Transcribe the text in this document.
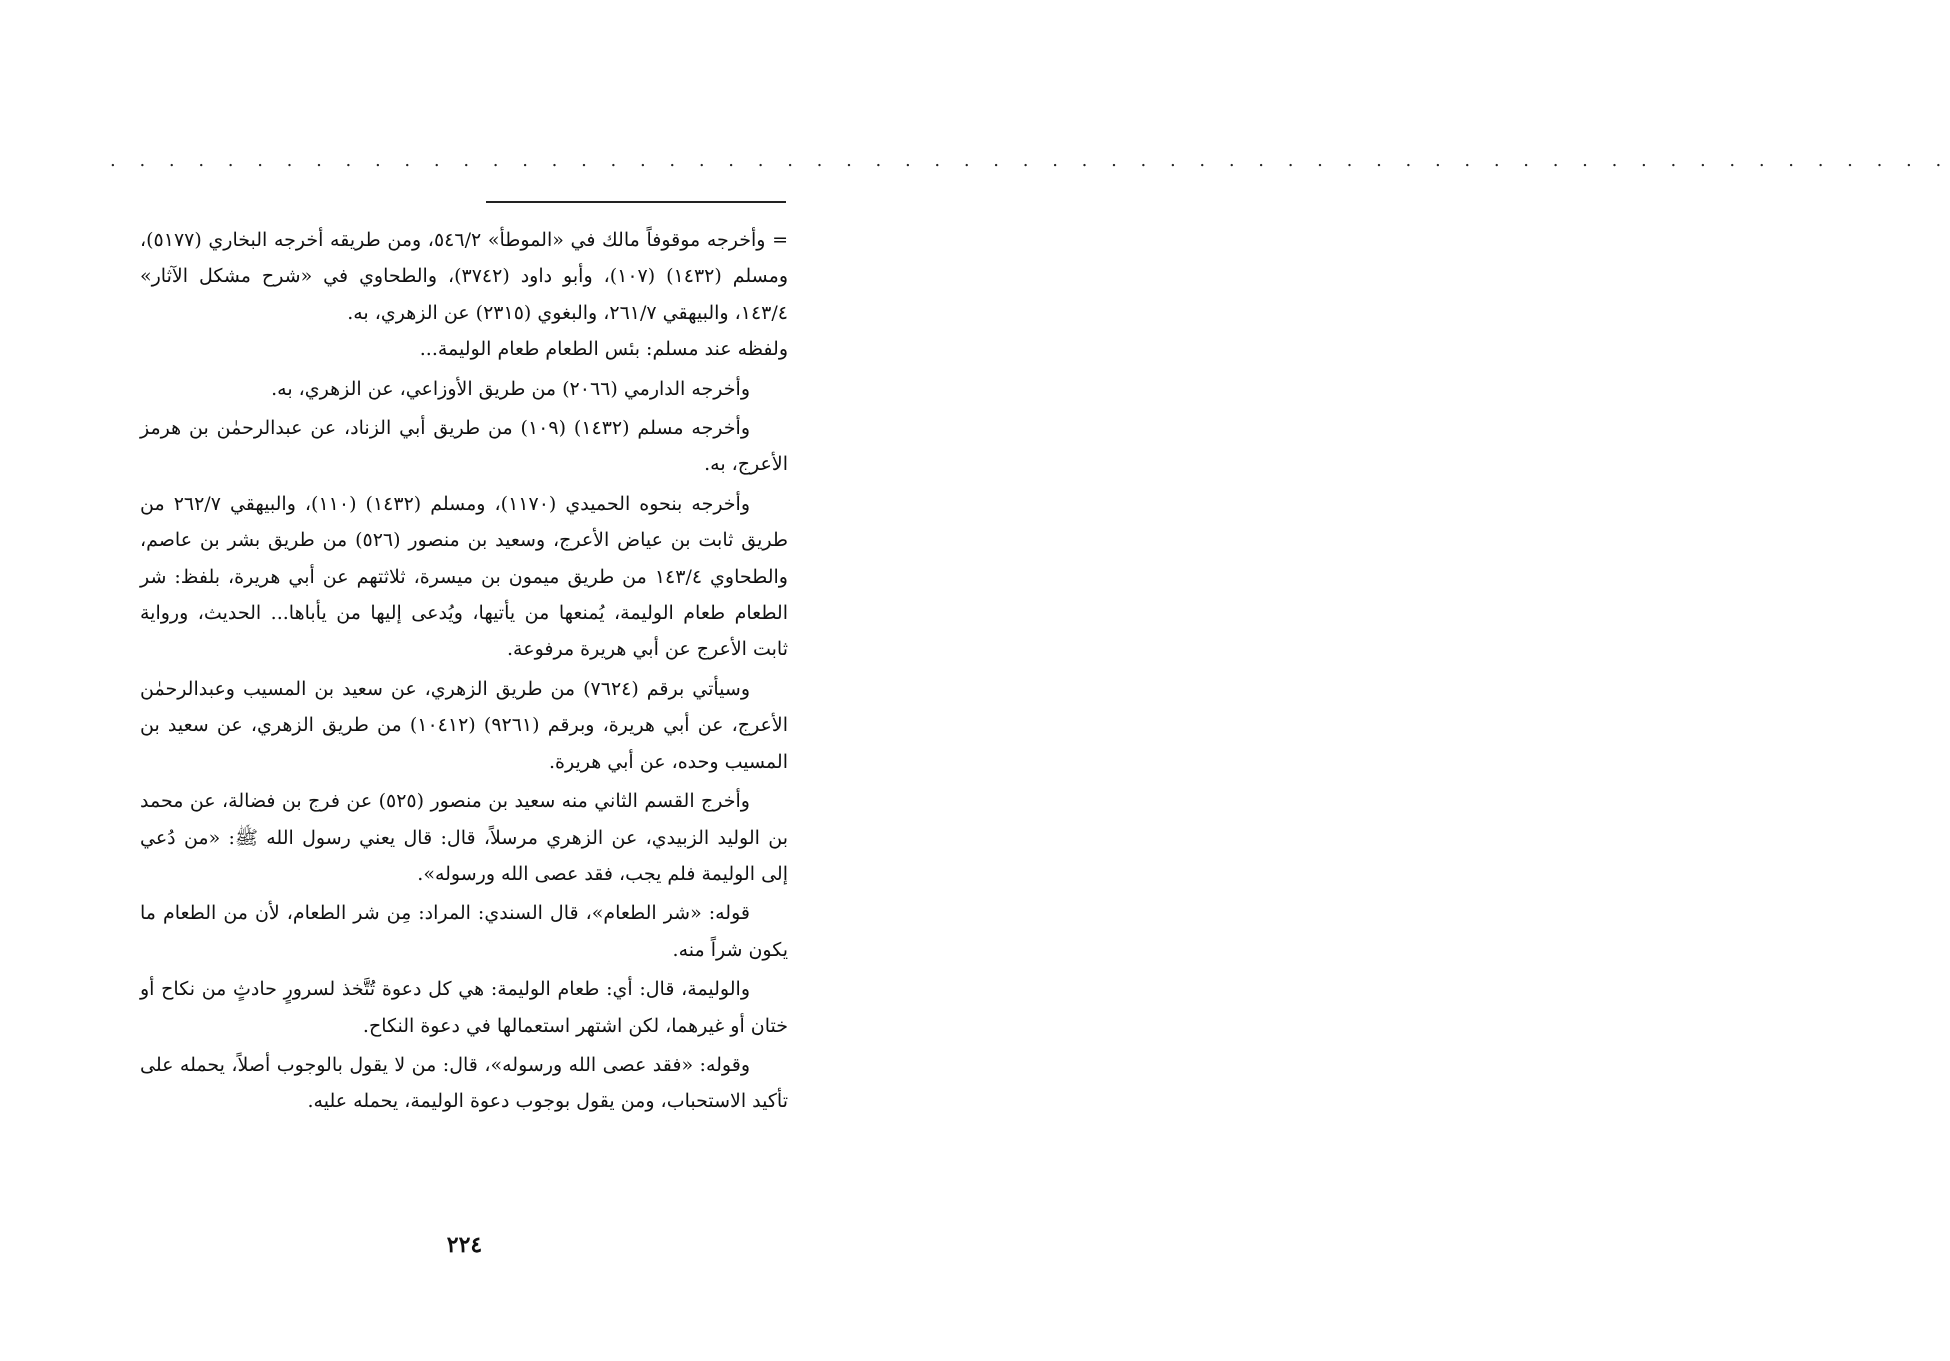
. . . . . . . . . . . . . . . . . . . . . . . . . . . . . . . . . . . . . . . . . . . . . . . . . . . . . . . . . . . . . . .

= وأخرجه موقوفاً مالك في «الموطأ» ٥٤٦/٢، ومن طريقه أخرجه البخاري (٥١٧٧)، ومسلم (١٤٣٢) (١٠٧)، وأبو داود (٣٧٤٢)، والطحاوي في «شرح مشكل الآثار» ١٤٣/٤، والبيهقي ٢٦١/٧، والبغوي (٢٣١٥) عن الزهري، به.

ولفظه عند مسلم: بئس الطعام طعام الوليمة...

وأخرجه الدارمي (٢٠٦٦) من طريق الأوزاعي، عن الزهري، به.

وأخرجه مسلم (١٤٣٢) (١٠٩) من طريق أبي الزناد، عن عبدالرحمٰن بن هرمز الأعرج، به.

وأخرجه بنحوه الحميدي (١١٧٠)، ومسلم (١٤٣٢) (١١٠)، والبيهقي ٢٦٢/٧ من طريق ثابت بن عياض الأعرج، وسعيد بن منصور (٥٢٦) من طريق بشر بن عاصم، والطحاوي ١٤٣/٤ من طريق ميمون بن ميسرة، ثلاثتهم عن أبي هريرة، بلفظ: شر الطعام طعام الوليمة، يُمنعها من يأتيها، ويُدعى إليها من يأباها... الحديث، ورواية ثابت الأعرج عن أبي هريرة مرفوعة.

وسيأتي برقم (٧٦٢٤) من طريق الزهري، عن سعيد بن المسيب وعبدالرحمٰن الأعرج، عن أبي هريرة، وبرقم (٩٢٦١) (١٠٤١٢) من طريق الزهري، عن سعيد بن المسيب وحده، عن أبي هريرة.

وأخرج القسم الثاني منه سعيد بن منصور (٥٢٥) عن فرج بن فضالة، عن محمد بن الوليد الزبيدي، عن الزهري مرسلاً، قال: قال يعني رسول الله ﷺ: «من دُعي إلى الوليمة فلم يجب، فقد عصى الله ورسوله».

قوله: «شر الطعام»، قال السندي: المراد: مِن شر الطعام، لأن من الطعام ما يكون شراً منه.

والوليمة، قال: أي: طعام الوليمة: هي كل دعوة تُتَّخذ لسرورٍ حادثٍ من نكاح أو ختان أو غيرهما، لكن اشتهر استعمالها في دعوة النكاح.

وقوله: «فقد عصى الله ورسوله»، قال: من لا يقول بالوجوب أصلاً، يحمله على تأكيد الاستحباب، ومن يقول بوجوب دعوة الوليمة، يحمله عليه.

٢٢٤
